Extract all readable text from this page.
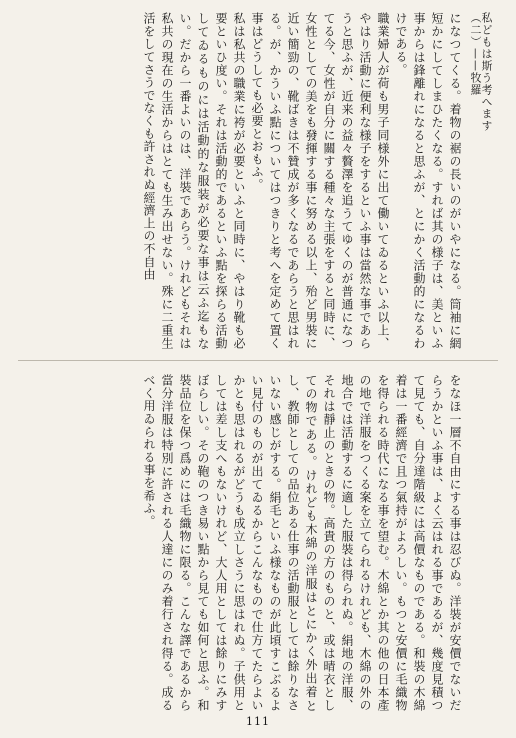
私どもは斯う考へます（二）——牧羅

になつてくる。着物の裾の長いのがいやになる。筒袖に網短かにしてしまひたくなる。すれば其の様子は、美といふ事からは鋒離れになると思ふが、とにかく活動的になるわけである。

職業婦人が荷も男子同様外に出て働いてゐるといふ以上、やはり活動に便利な様子をするといふ事は當然な事であらうと思ふが、近来の益々贅澤を追うてゆくのが普通になつてる今、女性が自分に關する種々な主張をすると同時に、女性としての美をも發揮する事に努める以上、殆ど男裝に近い簡勁の、靴ばきは不贊成が多くなるであらうと思はれる。が、かういふ點についてはつきりと考へを定めて置く事はどうしても必要とおもふ。

私は私共の職業に袴が必要といふと同時に、やはり靴も必要といひ度い。それは活動的であるといふ點を探らる活動してゐるものには活動的な服装が必要な事は云ふ迄もない。だから一番よいのは、洋裝であらう。けれどもそれは私共の現在の生活からはとても生み出せない。殊に二重生活をしてさうでなくも許されぬ經濟上の不自由

をなほ一層不自由にする事は忍びぬ。洋裝が安價でないだらうかといふ事は、よく云はれる事であるが、幾度見積つて見ても、自分達階級には高價なものである。和裝の木綿着は一番經濟で且つ氣持がよろしい。もつと安價に毛織物を得られる時代になる事を望む。木綿とか其の他の日本產の地で洋服をつくる案を立てられるけれども、木綿の外の地合では活動するに適した服裝は得られぬ。絹地の洋服、それは靜止のときの物。高貴の方のものと、或は晴衣としての物である。けれども木綿の洋服はとにかく外出着とし、教師としての品位ある仕事の活動服としては餘りなさいない感じがする。絹毛といふ様なものが此頃すこぶるよい見付のものが出てゐるからこんなもので仕方てたらよいかとも思はれるがどうも成立しさうに思はれぬ。子供用としては差し支へもないけれど、大人用としては餘りにみすぼらしい。その鞄のつき易い點から見ても如何と思ふ。和裝品位を保つ爲めには毛織物に限る。こんな譯であるから當分洋服は特別に許される人達にのみ着行され得る。成るべく用ゐられる事を希ふ。

111
